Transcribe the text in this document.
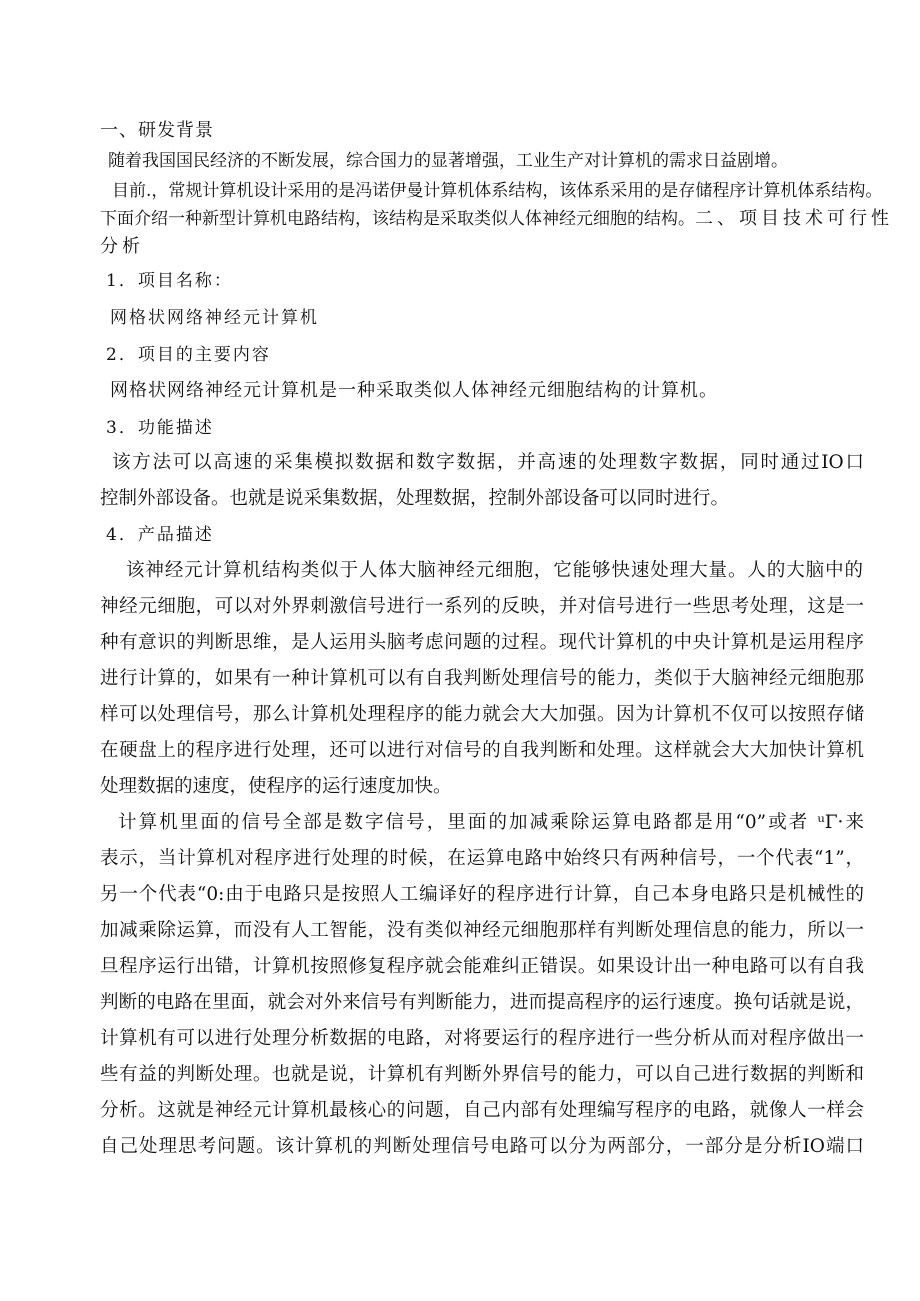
一、研发背景
随着我国国民经济的不断发展，综合国力的显著增强，工业生产对计算机的需求日益剧增。
目前.，常规计算机设计采用的是冯诺伊曼计算机体系结构，该体系采用的是存储程序计算机体系结构。
下面介绍一种新型计算机电路结构，该结构是采取类似人体神经元细胞的结构。 二、项目技术可行性
分析
1．项目名称：
网格状网络神经元计算机
2．项目的主要内容
网格状网络神经元计算机是一种采取类似人体神经元细胞结构的计算机。
3．功能描述
该方法可以高速的采集模拟数据和数字数据，并高速的处理数字数据，同时通过IO口
控制外部设备。也就是说采集数据，处理数据，控制外部设备可以同时进行。
4．产品描述
该神经元计算机结构类似于人体大脑神经元细胞，它能够快速处理大量。人的大脑中的
神经元细胞，可以对外界刺激信号进行一系列的反映，并对信号进行一些思考处理，这是一
种有意识的判断思维，是人运用头脑考虑问题的过程。现代计算机的中央计算机是运用程序
进行计算的，如果有一种计算机可以有自我判断处理信号的能力，类似于大脑神经元细胞那
样可以处理信号，那么计算机处理程序的能力就会大大加强。因为计算机不仅可以按照存储
在硬盘上的程序进行处理，还可以进行对信号的自我判断和处理。这样就会大大加快计算机
处理数据的速度，使程序的运行速度加快。
计算机里面的信号全部是数字信号，里面的加减乘除运算电路都是用“0”或者 ᵘΓ·来
表示，当计算机对程序进行处理的时候，在运算电路中始终只有两种信号，一个代表“1”，
另一个代表“0:由于电路只是按照人工编译好的程序进行计算，自己本身电路只是机械性的
加减乘除运算，而没有人工智能，没有类似神经元细胞那样有判断处理信息的能力，所以一
旦程序运行出错，计算机按照修复程序就会能难纠正错误。如果设计出一种电路可以有自我
判断的电路在里面，就会对外来信号有判断能力，进而提高程序的运行速度。换句话就是说，
计算机有可以进行处理分析数据的电路，对将要运行的程序进行一些分析从而对程序做出一
些有益的判断处理。也就是说，计算机有判断外界信号的能力，可以自己进行数据的判断和
分析。这就是神经元计算机最核心的问题，自己内部有处理编写程序的电路，就像人一样会
自己处理思考问题。该计算机的判断处理信号电路可以分为两部分，一部分是分析IO端口
